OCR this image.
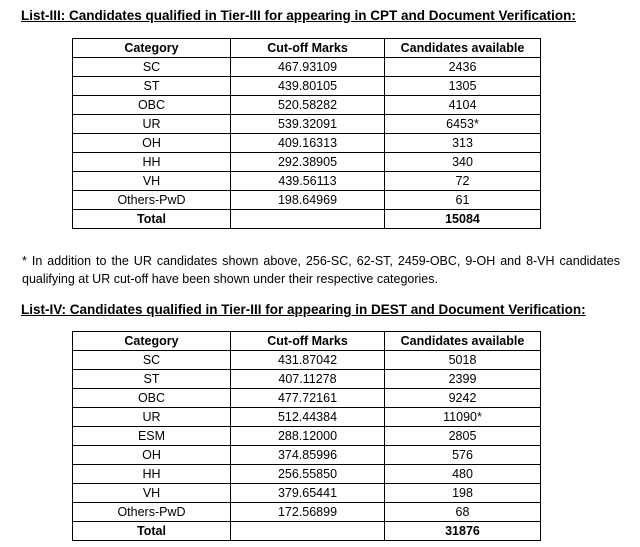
List-III: Candidates qualified in Tier-III for appearing in CPT and Document Verification:
Category	Cut-off Marks	Candidates available
SC	467.93109	2436
ST	439.80105	1305
OBC	520.58282	4104
UR	539.32091	6453*
OH	409.16313	313
HH	292.38905	340
VH	439.56113	72
Others-PwD	198.64969	61
Total		15084
* In addition to the UR candidates shown above, 256-SC, 62-ST, 2459-OBC, 9-OH and 8-VH candidates qualifying at UR cut-off have been shown under their respective categories.
List-IV: Candidates qualified in Tier-III for appearing in DEST and Document Verification:
Category	Cut-off Marks	Candidates available
SC	431.87042	5018
ST	407.11278	2399
OBC	477.72161	9242
UR	512.44384	11090*
ESM	288.12000	2805
OH	374.85996	576
HH	256.55850	480
VH	379.65441	198
Others-PwD	172.56899	68
Total		31876
